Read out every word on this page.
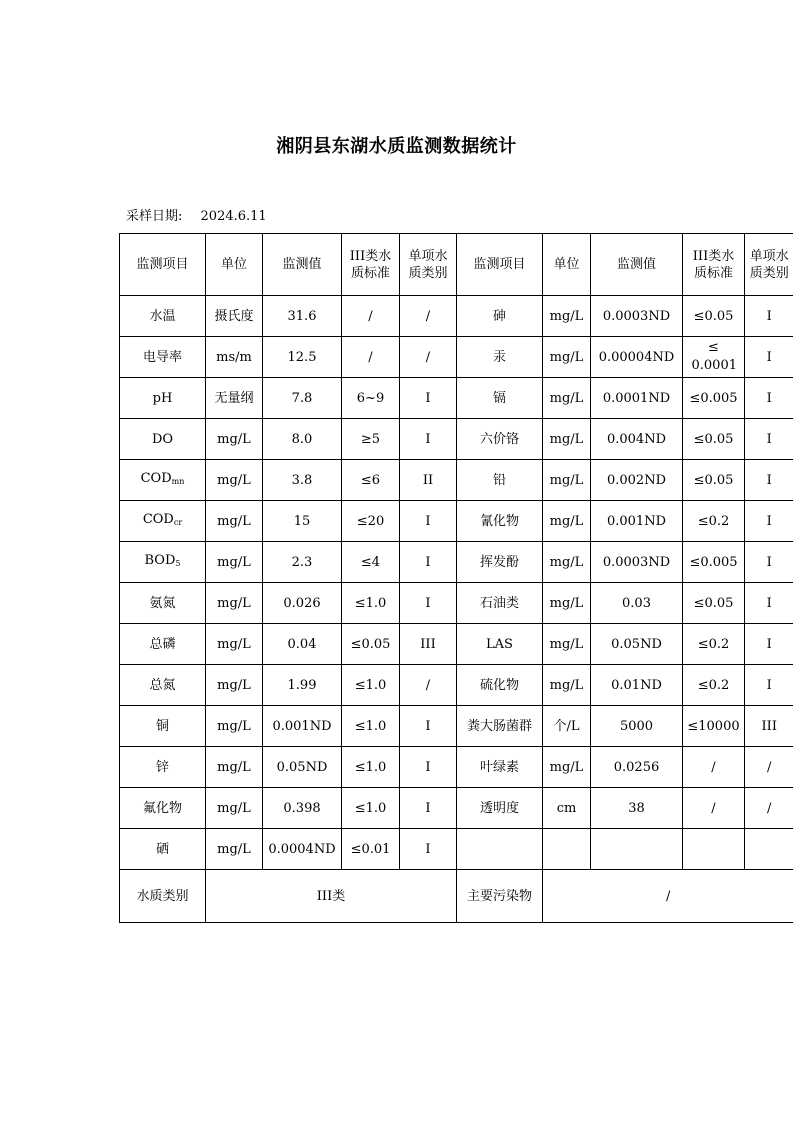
湘阴县东湖水质监测数据统计
采样日期: 2024.6.11
监测项目	单位	监测值	III类水质标准	单项水质类别	监测项目	单位	监测值	III类水质标准	单项水质类别
水温	摄氏度	31.6	/	/	砷	mg/L	0.0003ND	≤0.05	I
电导率	ms/m	12.5	/	/	汞	mg/L	0.00004ND	≤ 0.0001	I
pH	无量纲	7.8	6~9	I	镉	mg/L	0.0001ND	≤0.005	I
DO	mg/L	8.0	≥5	I	六价铬	mg/L	0.004ND	≤0.05	I
$COD_{mn}$	mg/L	3.8	≤6	II	铅	mg/L	0.002ND	≤0.05	I
$COD_{cr}$	mg/L	15	≤20	I	氰化物	mg/L	0.001ND	≤0.2	I
$BOD_5$	mg/L	2.3	≤4	I	挥发酚	mg/L	0.0003ND	≤0.005	I
氨氮	mg/L	0.026	≤1.0	I	石油类	mg/L	0.03	≤0.05	I
总磷	mg/L	0.04	≤0.05	III	LAS	mg/L	0.05ND	≤0.2	I
总氮	mg/L	1.99	≤1.0	/	硫化物	mg/L	0.01ND	≤0.2	I
铜	mg/L	0.001ND	≤1.0	I	粪大肠菌群	个/L	5000	≤10000	III
锌	mg/L	0.05ND	≤1.0	I	叶绿素	mg/L	0.0256	/	/
氟化物	mg/L	0.398	≤1.0	I	透明度	cm	38	/	/
硒	mg/L	0.0004ND	≤0.01	I					
水质类别	III类				主要污染物	/			
